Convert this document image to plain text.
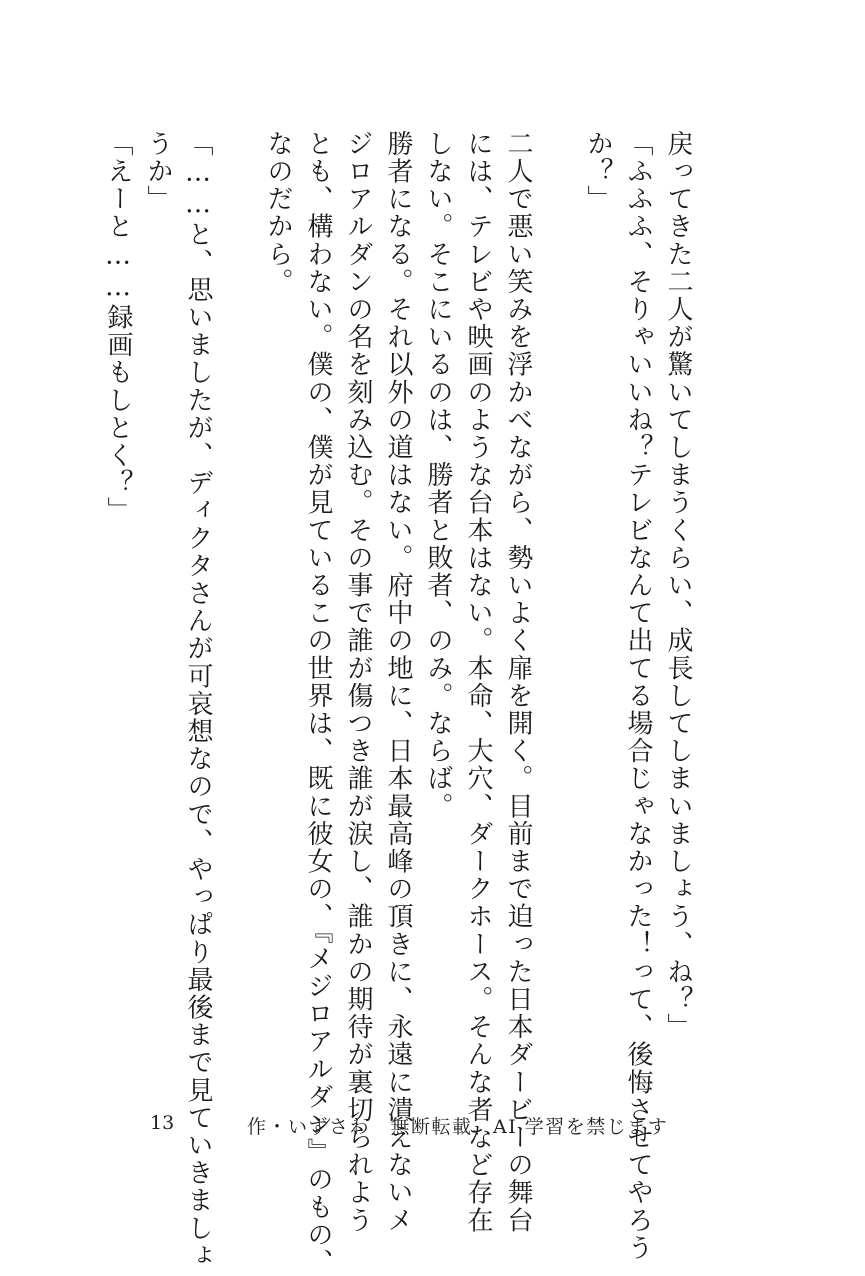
戻ってきた二人が驚いてしまうくらい、成長してしまいましょう、ね？」
「ふふふ、そりゃいいね？テレビなんて出てる場合じゃなかった！って、後悔させてやろう
か？」
二人で悪い笑みを浮かべながら、勢いよく扉を開く。目前まで迫った日本ダービーの舞台
には、テレビや映画のような台本はない。本命、大穴、ダークホース。そんな者など存在
しない。そこにいるのは、勝者と敗者、のみ。ならば。
勝者になる。それ以外の道はない。府中の地に、日本最高峰の頂きに、永遠に潰えないメ
ジロアルダンの名を刻み込む。その事で誰が傷つき誰が涙し、誰かの期待が裏切られよう
とも、構わない。僕の、僕が見ているこの世界は、既に彼女の、『メジロアルダン』のもの、
なのだから。
「……と、思いましたが、ディクタさんが可哀想なので、やっぱり最後まで見ていきましょ
うか」
「えーと……録画もしとく？」
13	作・いずさわ　無断転載、AI 学習を禁じます
